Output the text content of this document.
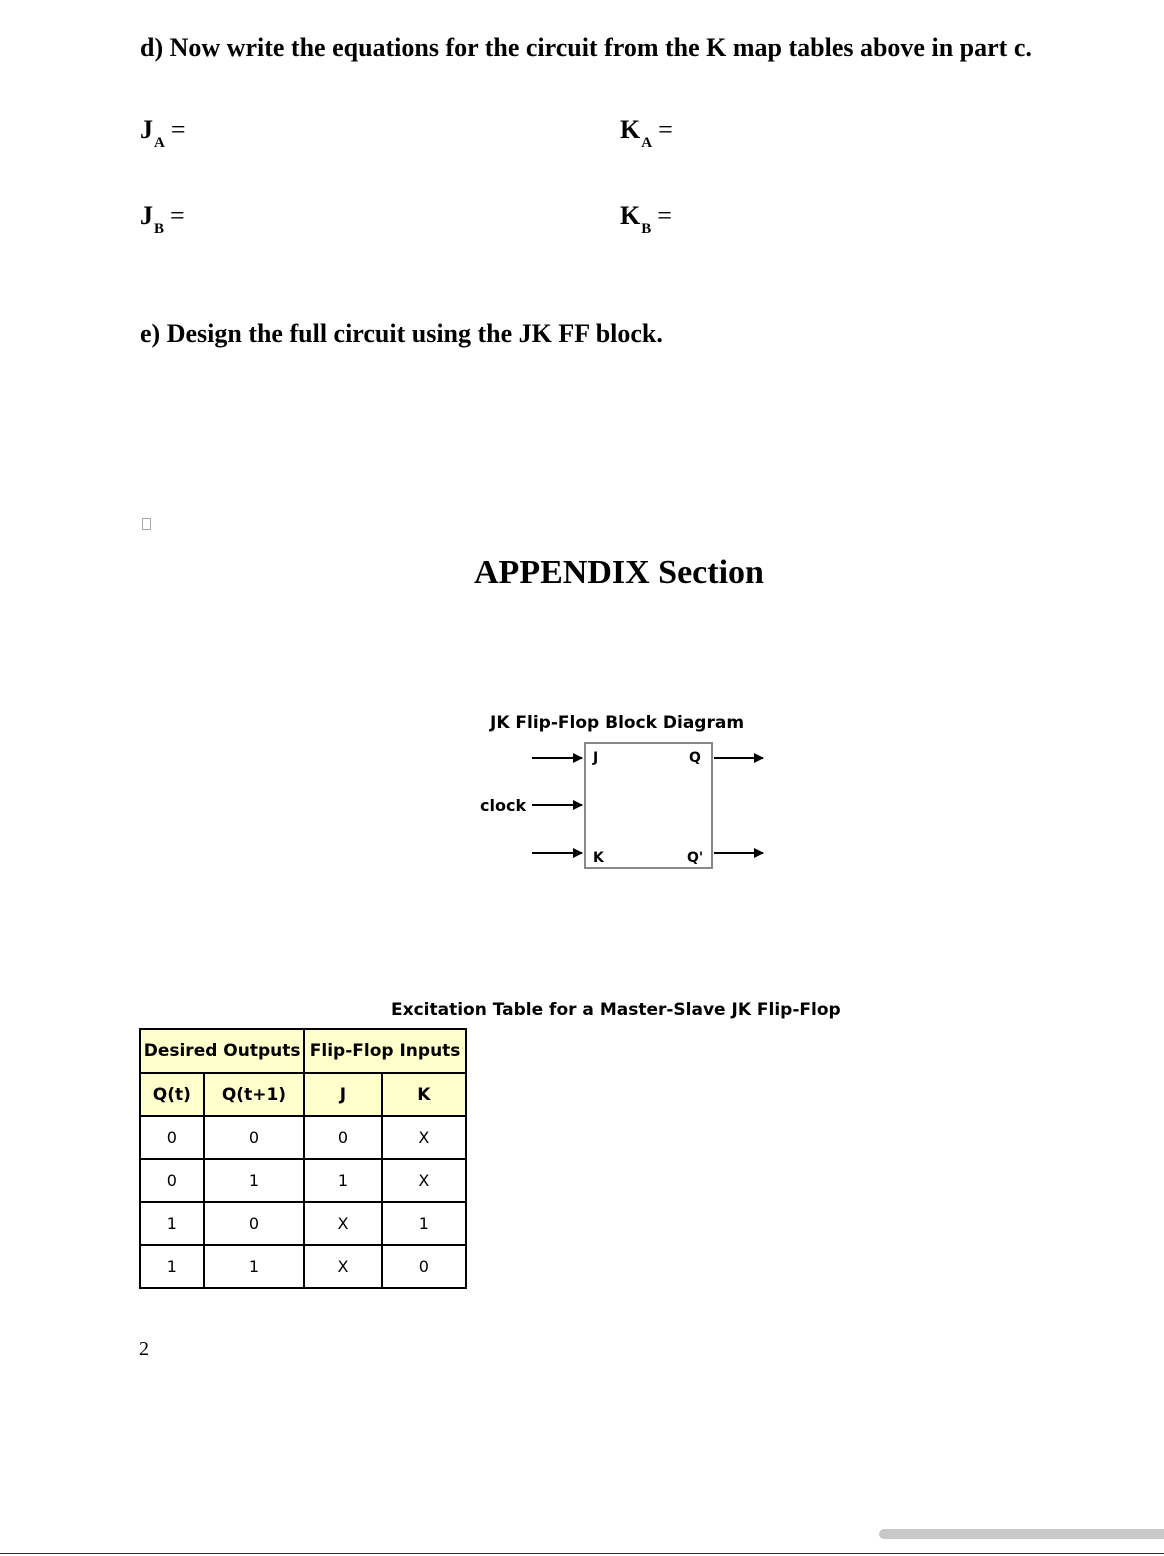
d) Now write the equations for the circuit from the K map tables above in part c.
$J_A$ =	$K_A$ =
$J_B$ =	$K_B$ =
e) Design the full circuit using the JK FF block.
APPENDIX Section
JK Flip-Flop Block Diagram
clock
J
K
Q
Q'
Excitation Table for a Master-Slave JK Flip-Flop
Desired Outputs		Flip-Flop Inputs	
Q(t)	Q(t+1)	J	K
0	0	0	X
0	1	1	X
1	0	X	1
1	1	X	0
2
